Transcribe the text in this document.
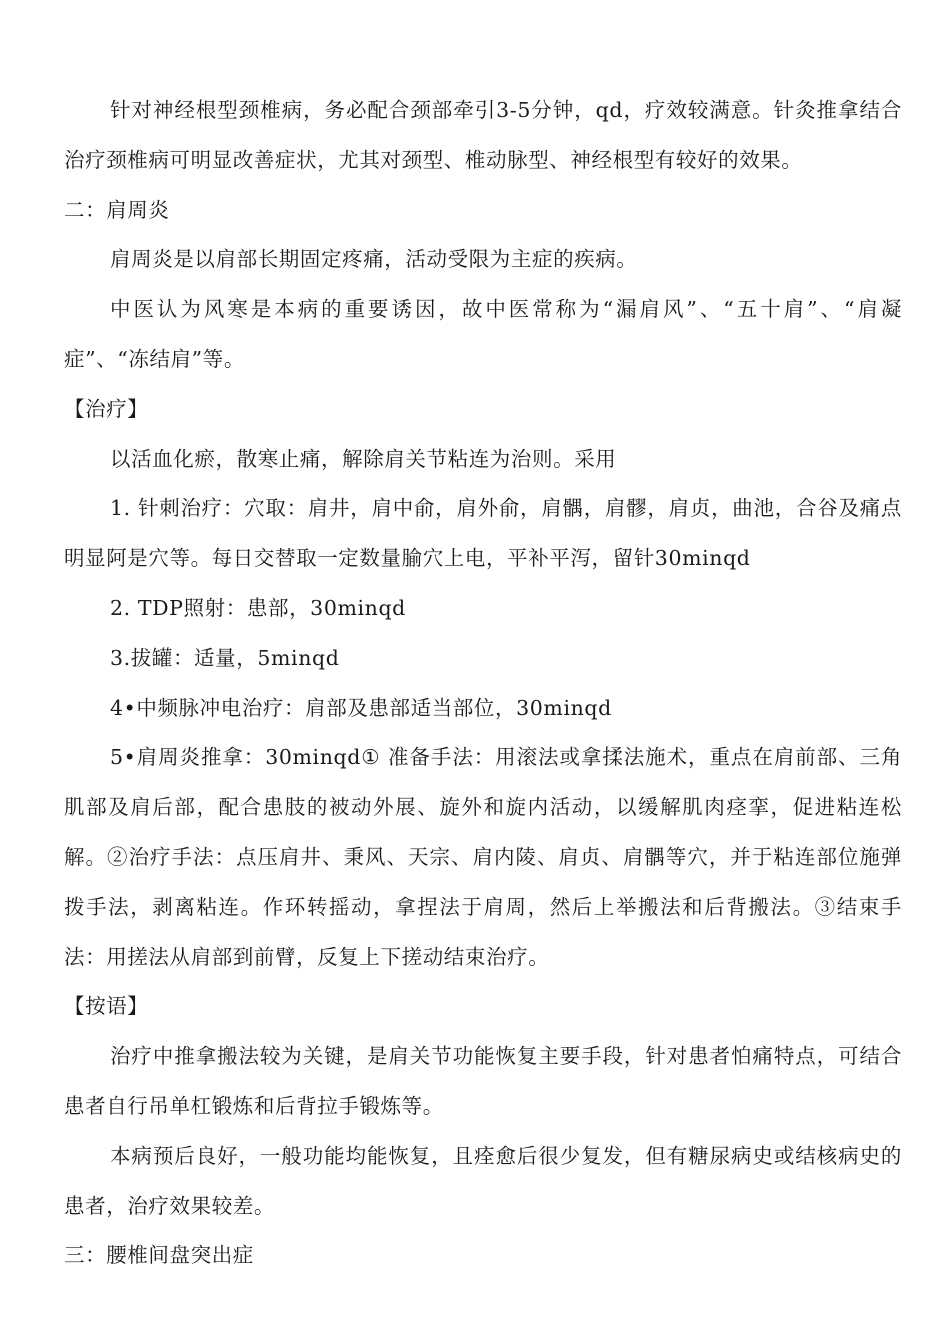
针对神经根型颈椎病，务必配合颈部牵引3-5分钟，qd，疗效较满意。针灸推拿结合治疗颈椎病可明显改善症状，尤其对颈型、椎动脉型、神经根型有较好的效果。

二：肩周炎

肩周炎是以肩部长期固定疼痛，活动受限为主症的疾病。

中医认为风寒是本病的重要诱因，故中医常称为“漏肩风”、“五十肩”、“肩凝症”、“冻结肩”等。

【治疗】

以活血化瘀，散寒止痛，解除肩关节粘连为治则。采用

1. 针刺治疗：穴取：肩井，肩中俞，肩外俞，肩髃，肩髎，肩贞，曲池，合谷及痛点明显阿是穴等。每日交替取一定数量腧穴上电，平补平泻，留针30minqd

2. TDP照射：患部，30minqd

3.拔罐：适量，5minqd

4•中频脉冲电治疗：肩部及患部适当部位，30minqd

5•肩周炎推拿：30minqd① 准备手法：用滚法或拿揉法施术，重点在肩前部、三角肌部及肩后部，配合患肢的被动外展、旋外和旋内活动，以缓解肌肉痉挛，促进粘连松解。②治疗手法：点压肩井、秉风、天宗、肩内陵、肩贞、肩髃等穴，并于粘连部位施弹拨手法，剥离粘连。作环转摇动，拿捏法于肩周，然后上举搬法和后背搬法。③结束手法：用搓法从肩部到前臂，反复上下搓动结束治疗。

【按语】

治疗中推拿搬法较为关键，是肩关节功能恢复主要手段，针对患者怕痛特点，可结合患者自行吊单杠锻炼和后背拉手锻炼等。

本病预后良好，一般功能均能恢复，且痊愈后很少复发，但有糖尿病史或结核病史的患者，治疗效果较差。

三：腰椎间盘突出症
